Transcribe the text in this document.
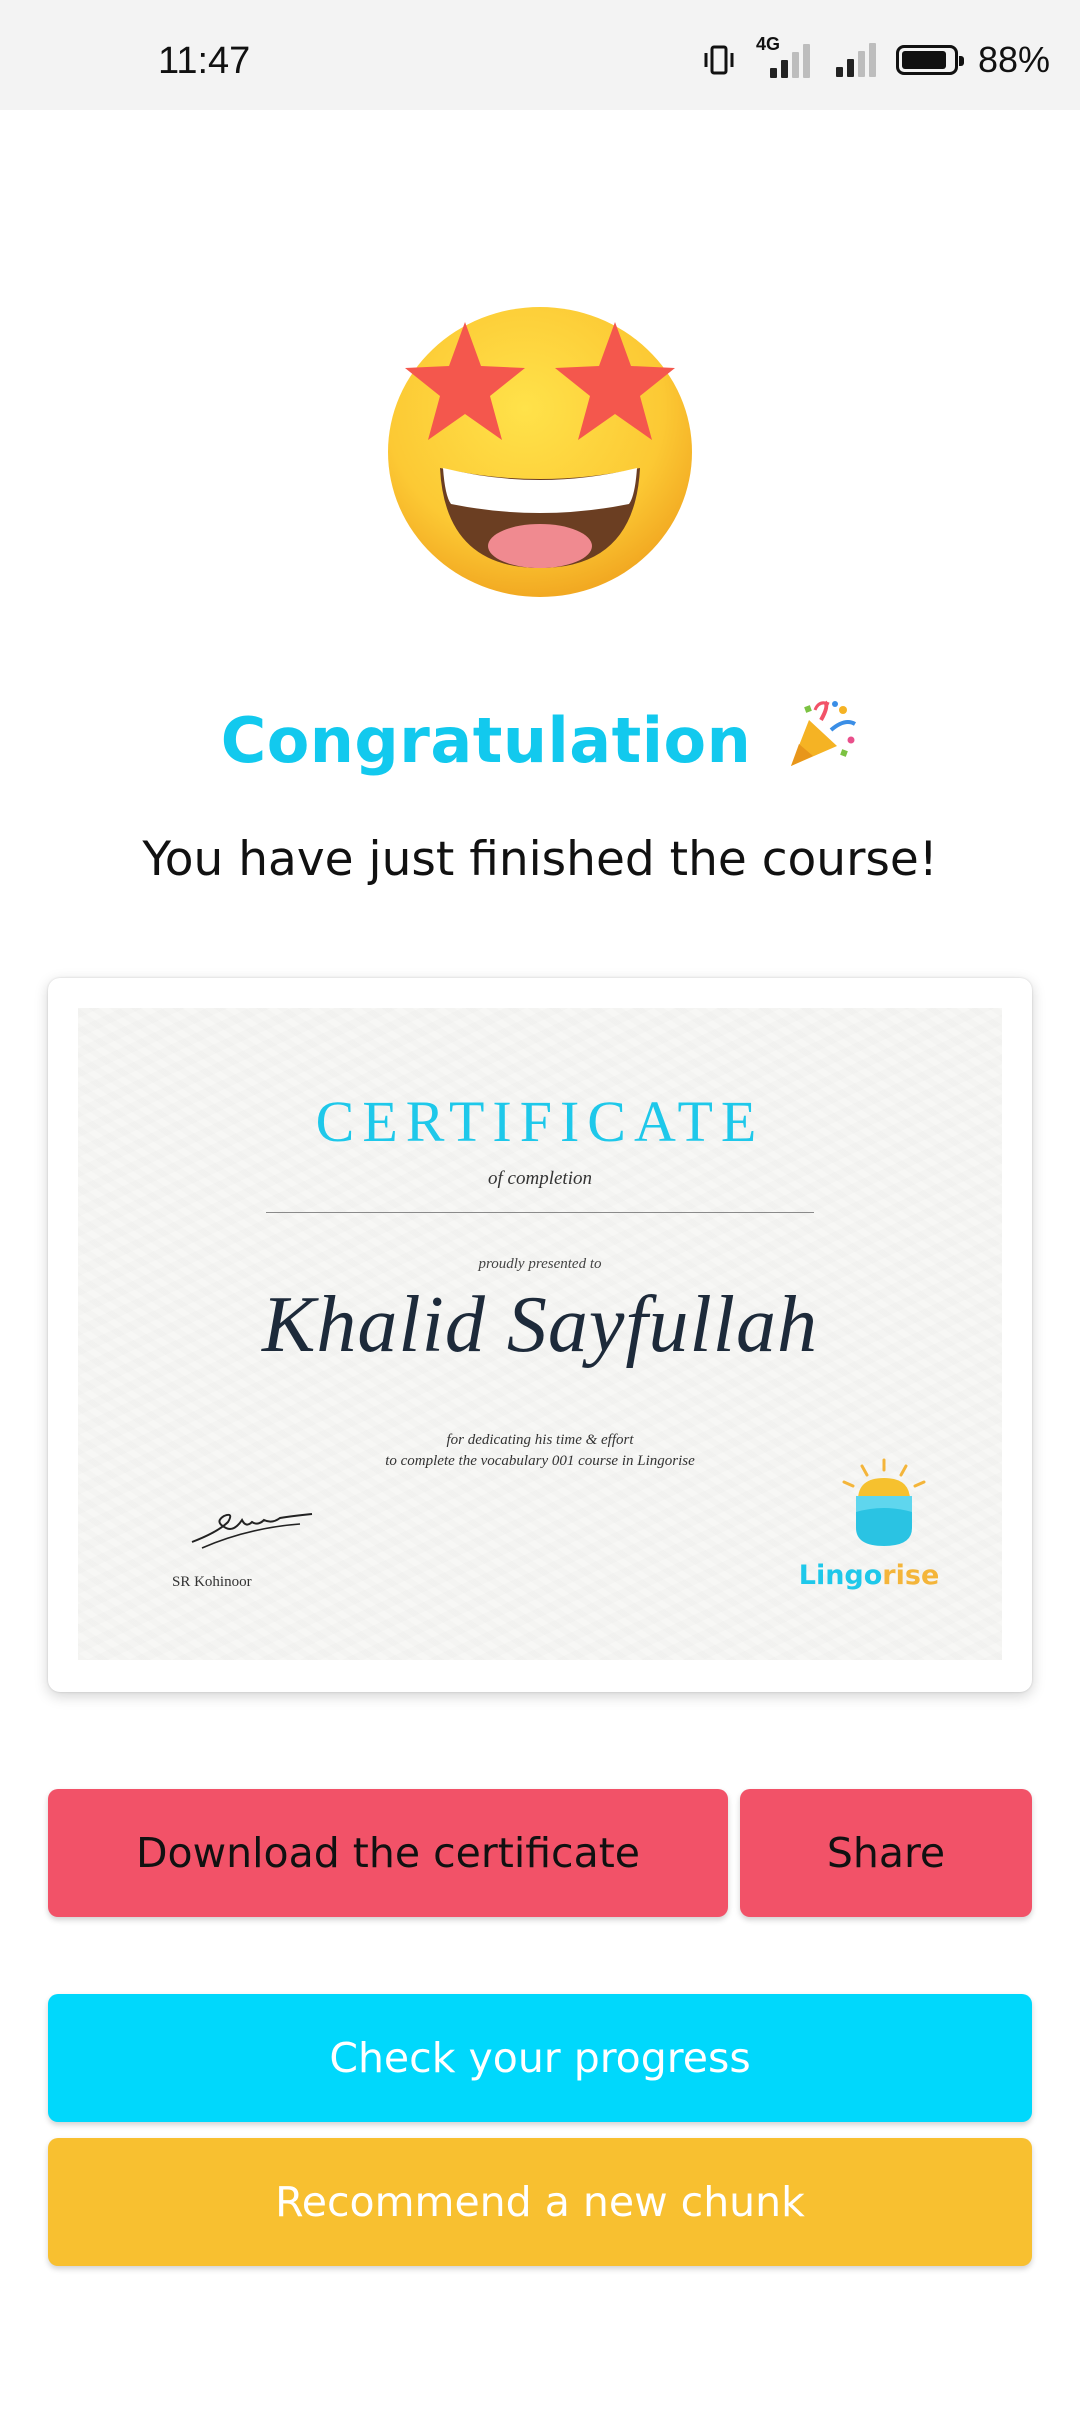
11:47	4G	88%
Congratulation
You have just finished the course!
CERTIFICATE
of completion
proudly presented to
Khalid Sayfullah
for dedicating his time & effort
to complete the vocabulary 001 course in Lingorise
SR Kohinoor	Lingorise
Download the certificate	Share
Check your progress
Recommend a new chunk
